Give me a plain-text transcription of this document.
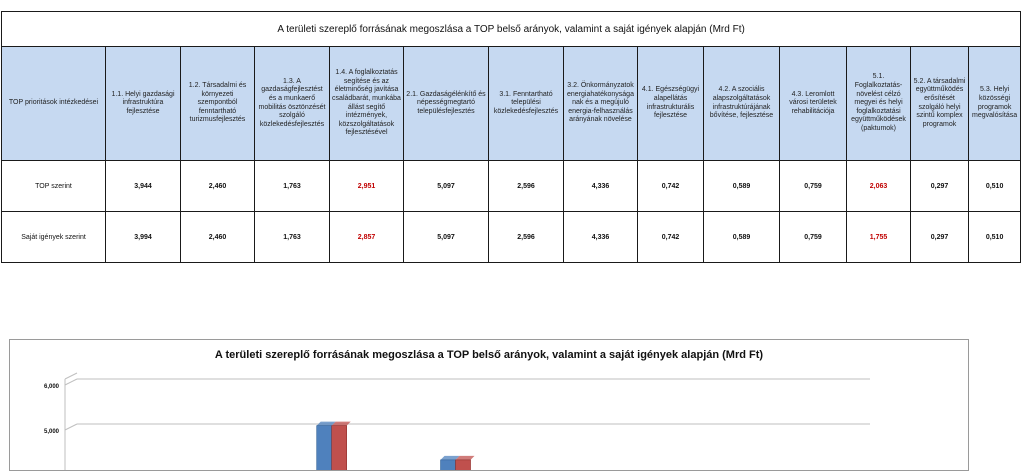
A területi szereplő forrásának megoszlása a TOP belső arányok, valamint a saját igények alapján (Mrd Ft)													
TOP prioritások intézkedései	1.1. Helyi gazdasági infrastruktúra fejlesztése	1.2. Társadalmi és környezeti szempontból fenntartható turizmusfejlesztés	1.3. A gazdaságfejlesztést és a munkaerő mobilitás ösztönzését szolgáló közlekedésfejlesztés	1.4. A foglalkoztatás segítése és az életminőség javítása családbarát, munkába állást segítő intézmények, közszolgáltatások fejlesztésével	2.1. Gazdaságélénkítő és népességmegtartó településfejlesztés	3.1. Fenntartható települési közlekedésfejlesztés	3.2. Önkormányzatok energiahatékonysága nak és a megújuló energia-felhasználás arányának növelése	4.1. Egészségügyi alapellátás infrastrukturális fejlesztése	4.2. A szociális alapszolgáltatások infrastruktúrájának bővítése, fejlesztése	4.3. Leromlott városi területek rehabilitációja	5.1. Foglalkoztatás-növelést célzó megyei és helyi foglalkoztatási együttműködések (paktumok)	5.2. A társadalmi együttműködés erősítését szolgáló helyi szintű komplex programok	5.3. Helyi közösségi programok megvalósítása
TOP szerint	3,944	2,460	1,763	2,951	5,097	2,596	4,336	0,742	0,589	0,759	2,063	0,297	0,510
Saját igények szerint	3,994	2,460	1,763	2,857	5,097	2,596	4,336	0,742	0,589	0,759	1,755	0,297	0,510
A területi szereplő forrásának megoszlása a TOP belső arányok, valamint a saját igények alapján (Mrd Ft)
6,000
5,000
